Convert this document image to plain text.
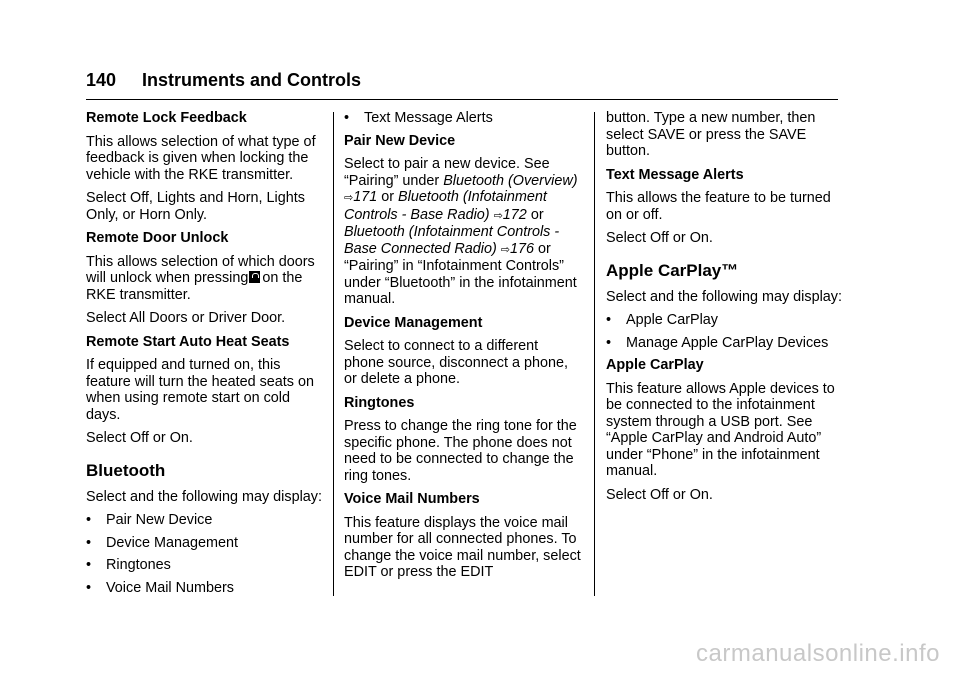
140 Instruments and Controls

Remote Lock Feedback

This allows selection of what type of feedback is given when locking the vehicle with the RKE transmitter.

Select Off, Lights and Horn, Lights Only, or Horn Only.

Remote Door Unlock

This allows selection of which doors will unlock when pressing on the RKE transmitter.

Select All Doors or Driver Door.

Remote Start Auto Heat Seats

If equipped and turned on, this feature will turn the heated seats on when using remote start on cold days.

Select Off or On.

Bluetooth

Select and the following may display:

•	Pair New Device
•	Device Management
•	Ringtones
•	Voice Mail Numbers
•	Text Message Alerts

Pair New Device

Select to pair a new device. See “Pairing” under Bluetooth (Overview) ⇨171 or Bluetooth (Infotainment Controls - Base Radio) ⇨172 or Bluetooth (Infotainment Controls - Base Connected Radio) ⇨176 or “Pairing” in “Infotainment Controls” under “Bluetooth” in the infotainment manual.

Device Management

Select to connect to a different phone source, disconnect a phone, or delete a phone.

Ringtones

Press to change the ring tone for the specific phone. The phone does not need to be connected to change the ring tones.

Voice Mail Numbers

This feature displays the voice mail number for all connected phones. To change the voice mail number, select EDIT or press the EDIT

button. Type a new number, then select SAVE or press the SAVE button.

Text Message Alerts

This allows the feature to be turned on or off.

Select Off or On.

Apple CarPlay™

Select and the following may display:

•	Apple CarPlay
•	Manage Apple CarPlay Devices

Apple CarPlay

This feature allows Apple devices to be connected to the infotainment system through a USB port. See “Apple CarPlay and Android Auto” under “Phone” in the infotainment manual.

Select Off or On.

carmanualsonline.info
